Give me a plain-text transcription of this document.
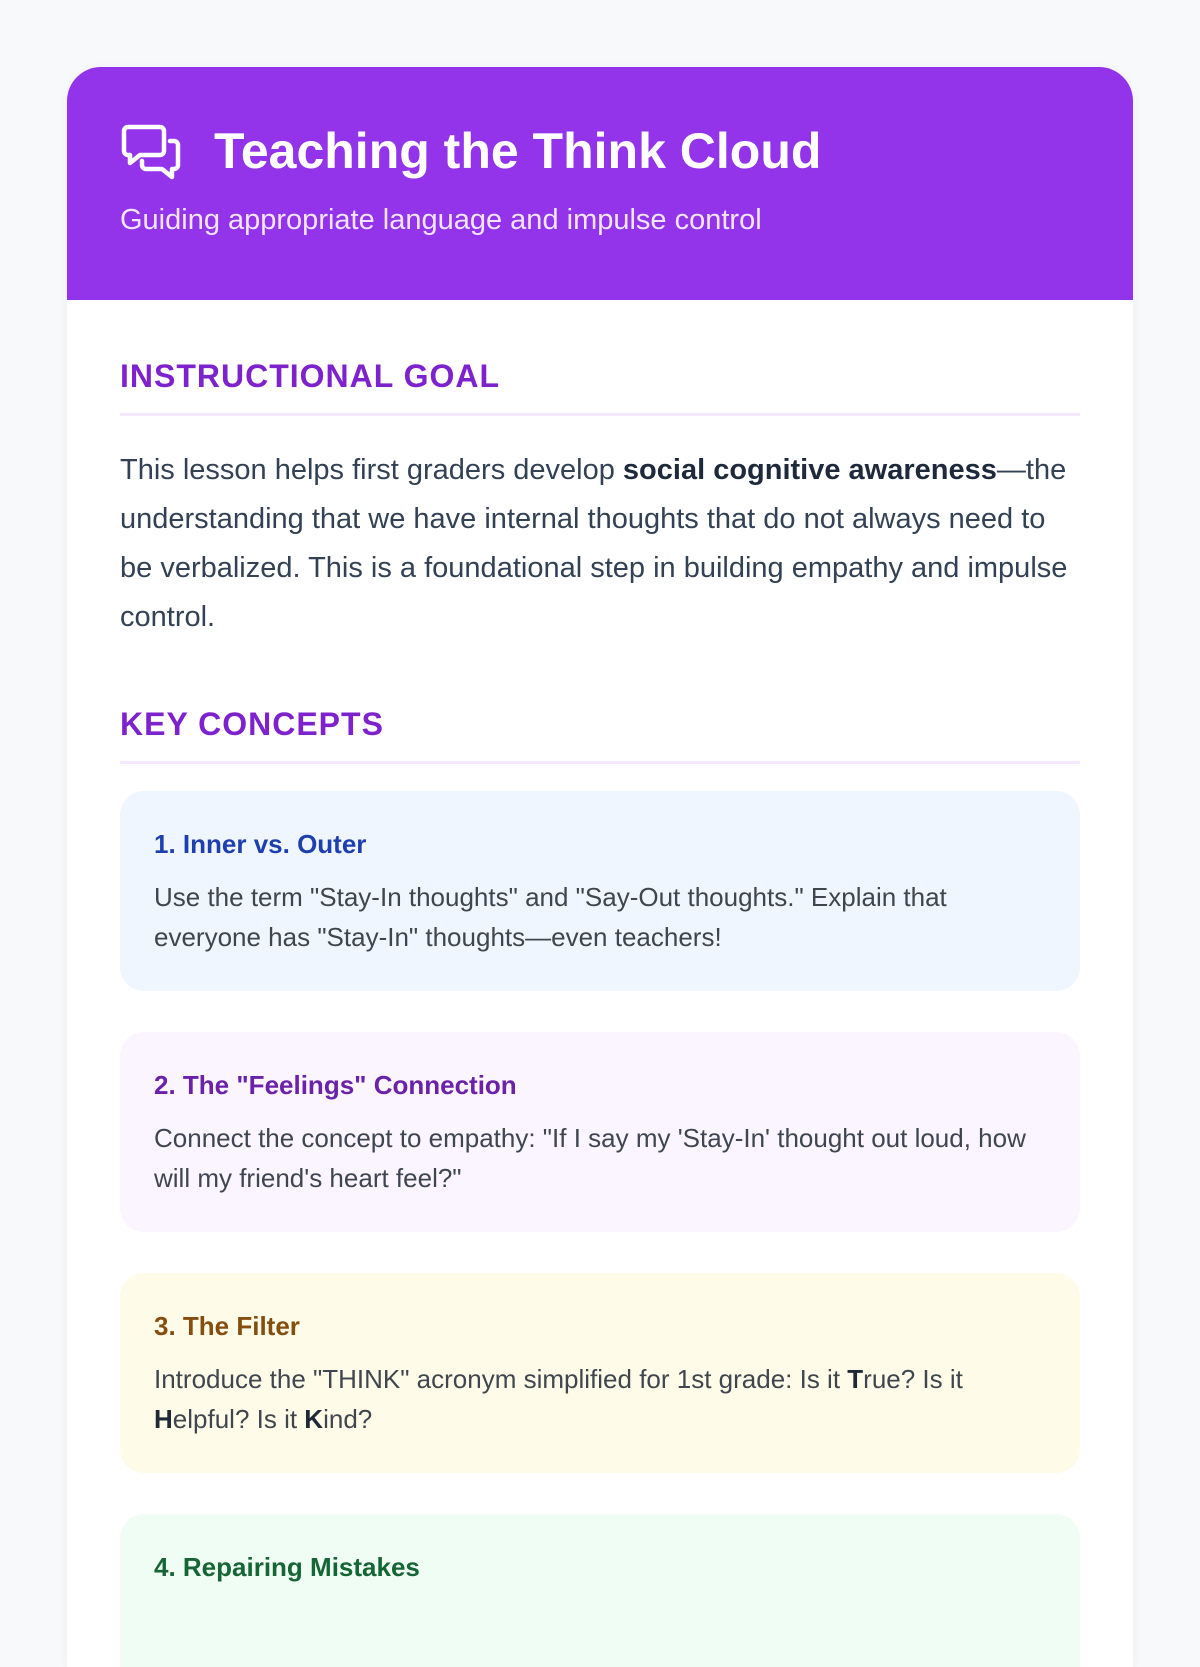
Teaching the Think Cloud
Guiding appropriate language and impulse control
INSTRUCTIONAL GOAL

This lesson helps first graders develop social cognitive awareness—the understanding that we have internal thoughts that do not always need to be verbalized. This is a foundational step in building empathy and impulse control.

KEY CONCEPTS
1. Inner vs. Outer

Use the term "Stay-In thoughts" and "Say-Out thoughts." Explain that everyone has "Stay-In" thoughts—even teachers!

2. The "Feelings" Connection

Connect the concept to empathy: "If I say my 'Stay-In' thought out loud, how will my friend's heart feel?"

3. The Filter

Introduce the "THINK" acronym simplified for 1st grade: Is it True? Is it Helpful? Is it Kind?

4. Repairing Mistakes
